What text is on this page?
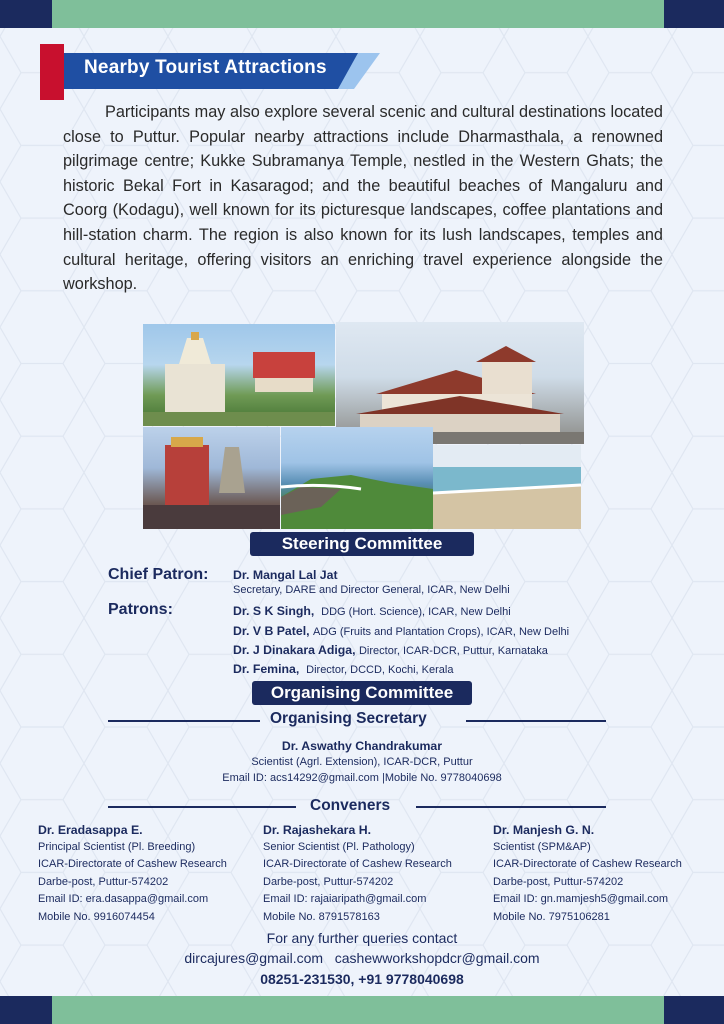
Nearby Tourist Attractions

Participants may also explore several scenic and cultural destinations located close to Puttur. Popular nearby attractions include Dharmasthala, a renowned pilgrimage centre; Kukke Subramanya Temple, nestled in the Western Ghats; the historic Bekal Fort in Kasaragod; and the beautiful beaches of Mangaluru and Coorg (Kodagu), well known for its picturesque landscapes, coffee plantations and hill-station charm. The region is also known for its lush landscapes, temples and cultural heritage, offering visitors an enriching travel experience alongside the workshop.

Steering Committee
Chief Patron: Dr. Mangal Lal Jat
Secretary, DARE and Director General, ICAR, New Delhi
Patrons:	Dr. S K Singh, DDG (Hort. Science), ICAR, New Delhi
Dr. V B Patel, ADG (Fruits and Plantation Crops), ICAR, New Delhi
Dr. J Dinakara Adiga, Director, ICAR-DCR, Puttur, Karnataka
Dr. Femina, Director, DCCD, Kochi, Kerala
Organising Committee
Organising Secretary
Dr. Aswathy Chandrakumar
Scientist (Agrl. Extension), ICAR-DCR, Puttur
Email ID: acs14292@gmail.com |Mobile No. 9778040698
Conveners
Dr. Eradasappa E.
Principal Scientist (Pl. Breeding)
ICAR-Directorate of Cashew Research
Darbe-post, Puttur-574202
Email ID: era.dasappa@gmail.com
Mobile No. 9916074454
Dr. Rajashekara H.
Senior Scientist (Pl. Pathology)
ICAR-Directorate of Cashew Research
Darbe-post, Puttur-574202
Email ID: rajaiaripath@gmail.com
Mobile No. 8791578163
Dr. Manjesh G. N.
Scientist (SPM&AP)
ICAR-Directorate of Cashew Research
Darbe-post, Puttur-574202
Email ID: gn.mamjesh5@gmail.com
Mobile No. 7975106281
For any further queries contact
dircajures@gmail.com   cashewworkshopdcr@gmail.com
08251-231530, +91 9778040698
